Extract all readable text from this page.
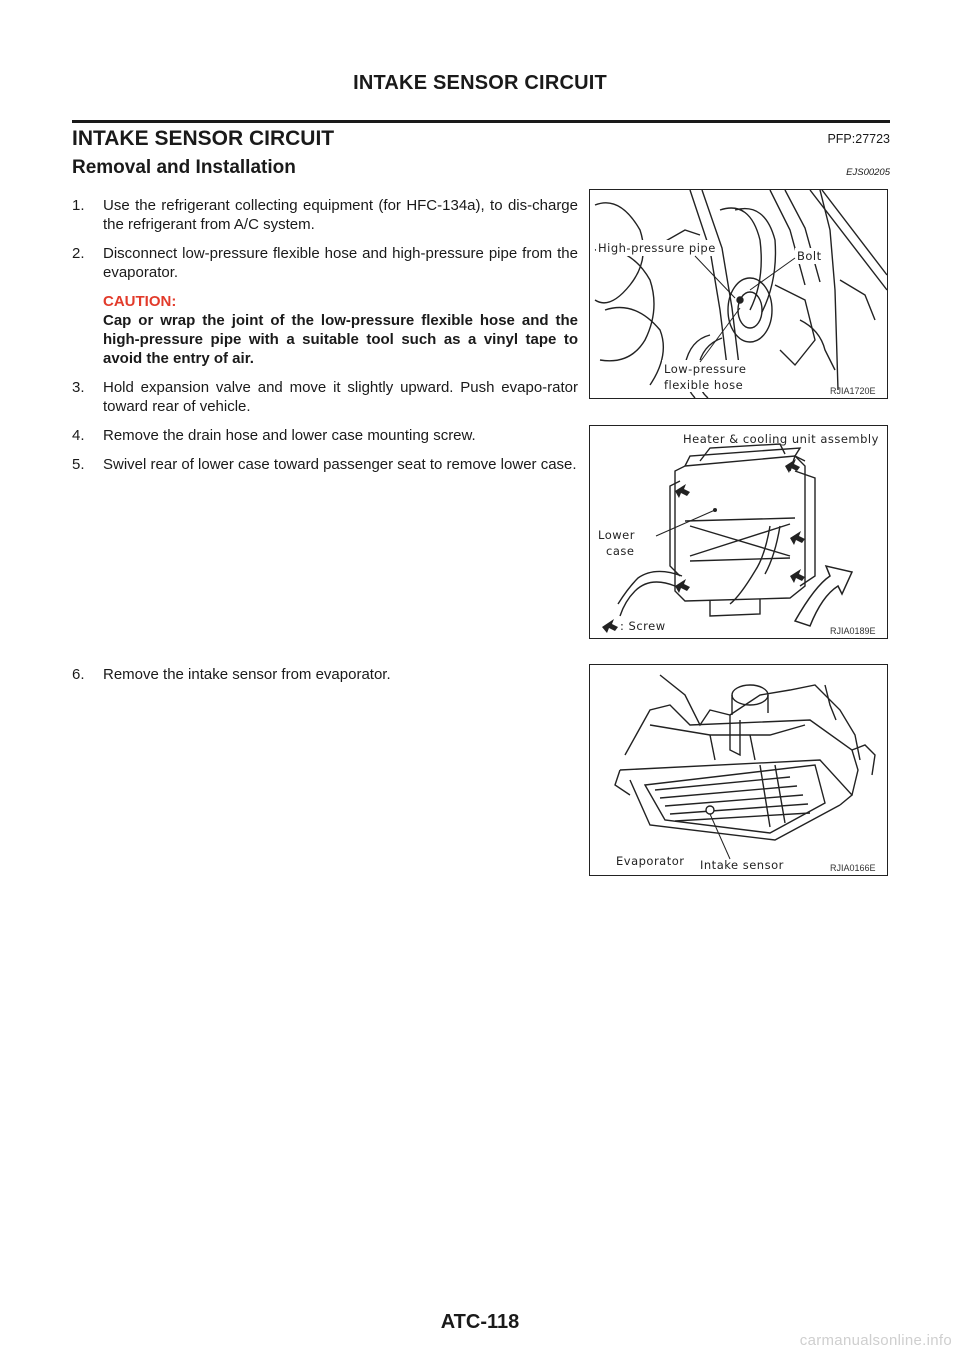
INTAKE SENSOR CIRCUIT
INTAKE SENSOR CIRCUIT	PFP:27723
Removal and Installation	EJS00205
1. Use the refrigerant collecting equipment (for HFC-134a), to dis-charge the refrigerant from A/C system.
2. Disconnect low-pressure flexible hose and high-pressure pipe from the evaporator.
CAUTION:
Cap or wrap the joint of the low-pressure flexible hose and the high-pressure pipe with a suitable tool such as a vinyl tape to avoid the entry of air.
3. Hold expansion valve and move it slightly upward. Push evapo-rator toward rear of vehicle.
4. Remove the drain hose and lower case mounting screw.
5. Swivel rear of lower case toward passenger seat to remove lower case.
6. Remove the intake sensor from evaporator.
High-pressure pipe
Bolt
Low-pressure
flexible hose	RJIA1720E
Heater & cooling unit assembly
Lower
case
: Screw	RJIA0189E
Evaporator Intake sensor	RJIA0166E
ATC-118
carmanualsonline.info
